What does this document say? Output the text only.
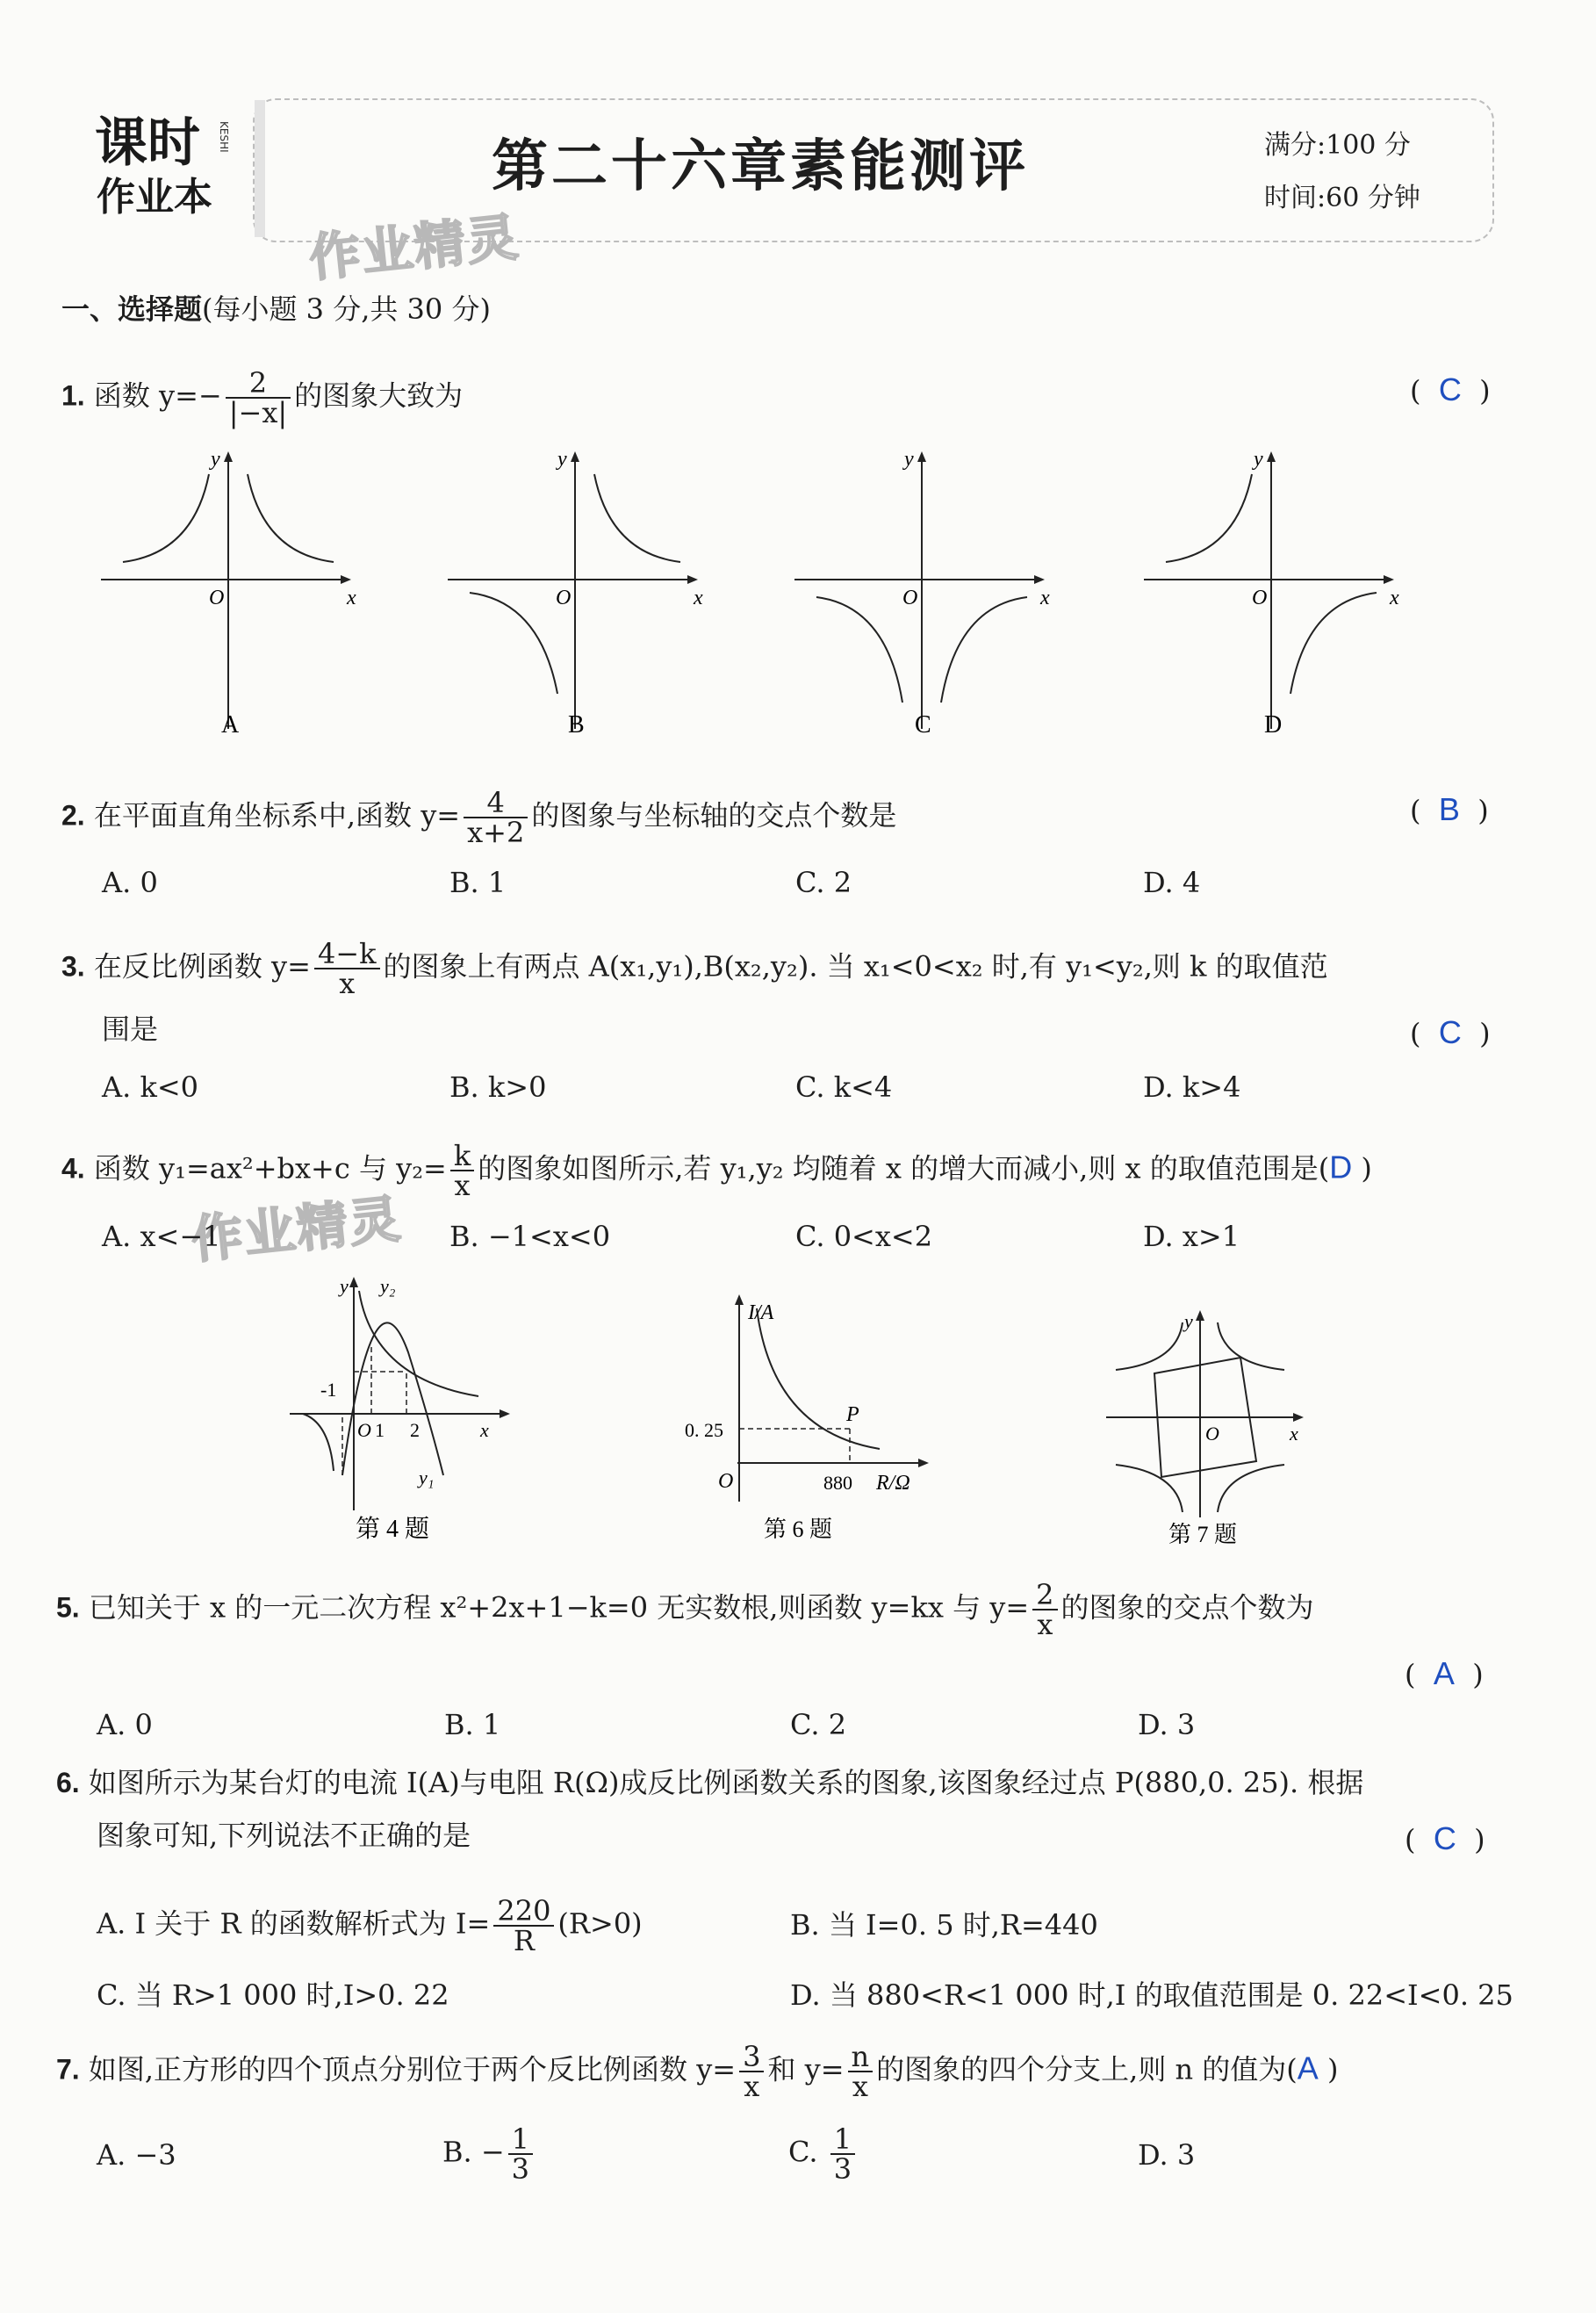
课时
作业本
KESHI	第二十六章素能测评	满分:100 分
时间:60 分钟
作业精灵
作业精灵
一、选择题(每小题 3 分,共 30 分)
1. 函数 $y=- \frac{2}{|-x|}$ 的图象大致为	(  C  )
y
O	x
A
y
O	x
B
y
O	x
C
y
O	x
D
2. 在平面直角坐标系中,函数 $y= \frac{4}{x+2}$ 的图象与坐标轴的交点个数是	(  B  )
A. 0	B. 1	C. 2	D. 4
3. 在反比例函数 $y= \frac{4-k}{x}$ 的图象上有两点 A(x₁,y₁),B(x₂,y₂). 当 x₁<0<x₂ 时,有 y₁<y₂,则 k 的取值范
围是	(  C  )
A. k<0	B. k>0	C. k<4	D. k>4
4. 函数 y₁=ax²+bx+c 与 $y_2= \frac{k}{x}$ 的图象如图所示,若 y₁,y₂ 均随着 x 的增大而减小,则 x 的取值范围是(D )
A. x<−1	B. −1<x<0	C. 0<x<2	D. x>1
y y₂
-1
O 1 2	x
y₁
第 4 题
I/A
P
0. 25
O	880 R/Ω
第 6 题
y
O	x
第 7 题
5. 已知关于 x 的一元二次方程 x²+2x+1−k=0 无实数根,则函数 y=kx 与 $y= \frac{2}{x}$ 的图象的交点个数为
(  A  )
A. 0	B. 1	C. 2	D. 3
6. 如图所示为某台灯的电流 I(A)与电阻 R(Ω)成反比例函数关系的图象,该图象经过点 P(880,0. 25). 根据
图象可知,下列说法不正确的是	(  C  )
A. I 关于 R 的函数解析式为 $I= \frac{220}{R} (R>0)$	B. 当 I=0. 5 时,R=440
C. 当 R>1 000 时,I>0. 22	D. 当 880<R<1 000 时,I 的取值范围是 0. 22<I<0. 25
7. 如图,正方形的四个顶点分别位于两个反比例函数 $y= \frac{3}{x}$ 和 $y= \frac{n}{x}$ 的图象的四个分支上,则 n 的值为(A )
A. −3	B. − $\frac{1}{3}$	C. $\frac{1}{3}$	D. 3
